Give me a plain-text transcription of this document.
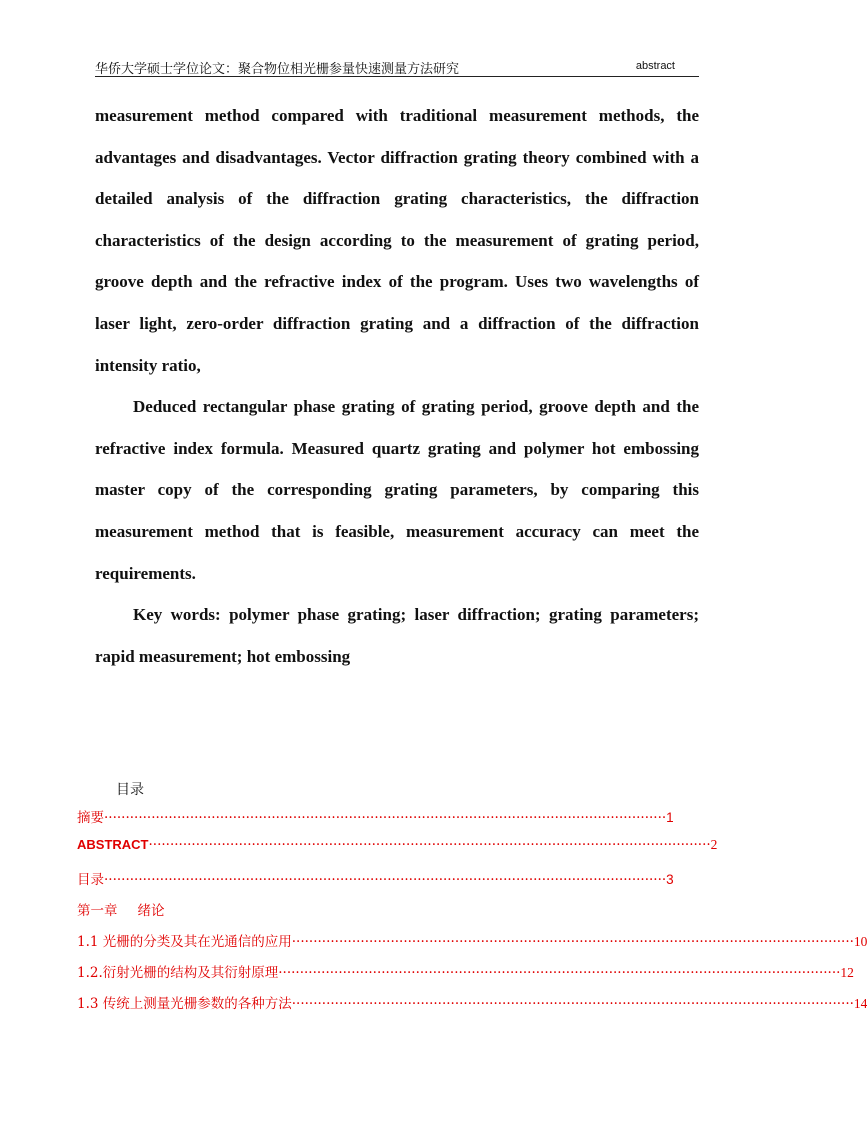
华侨大学硕士学位论文：聚合物位相光栅参量快速测量方法研究	abstract

measurement method compared with traditional measurement methods, the advantages and disadvantages. Vector diffraction grating theory combined with a detailed analysis of the diffraction grating characteristics, the diffraction characteristics of the design according to the measurement of grating period, groove depth and the refractive index of the program. Uses two wavelengths of laser light, zero-order diffraction grating and a diffraction of the diffraction intensity ratio,

Deduced rectangular phase grating of grating period, groove depth and the refractive index formula. Measured quartz grating and polymer hot embossing master copy of the corresponding grating parameters, by comparing this measurement method that is feasible, measurement accuracy can meet the requirements.

Key words: polymer phase grating; laser diffraction; grating parameters; rapid measurement; hot embossing

目录
摘要 ··································································································································· 1
ABSTRACT ··································································································································· 2
目录 ··································································································································· 3
第一章 绪论
1.1 光栅的分类及其在光通信的应用 ··································································································································· 10
1.2.衍射光栅的结构及其衍射原理 ··································································································································· 12
1.3 传统上测量光栅参数的各种方法 ··································································································································· 14
